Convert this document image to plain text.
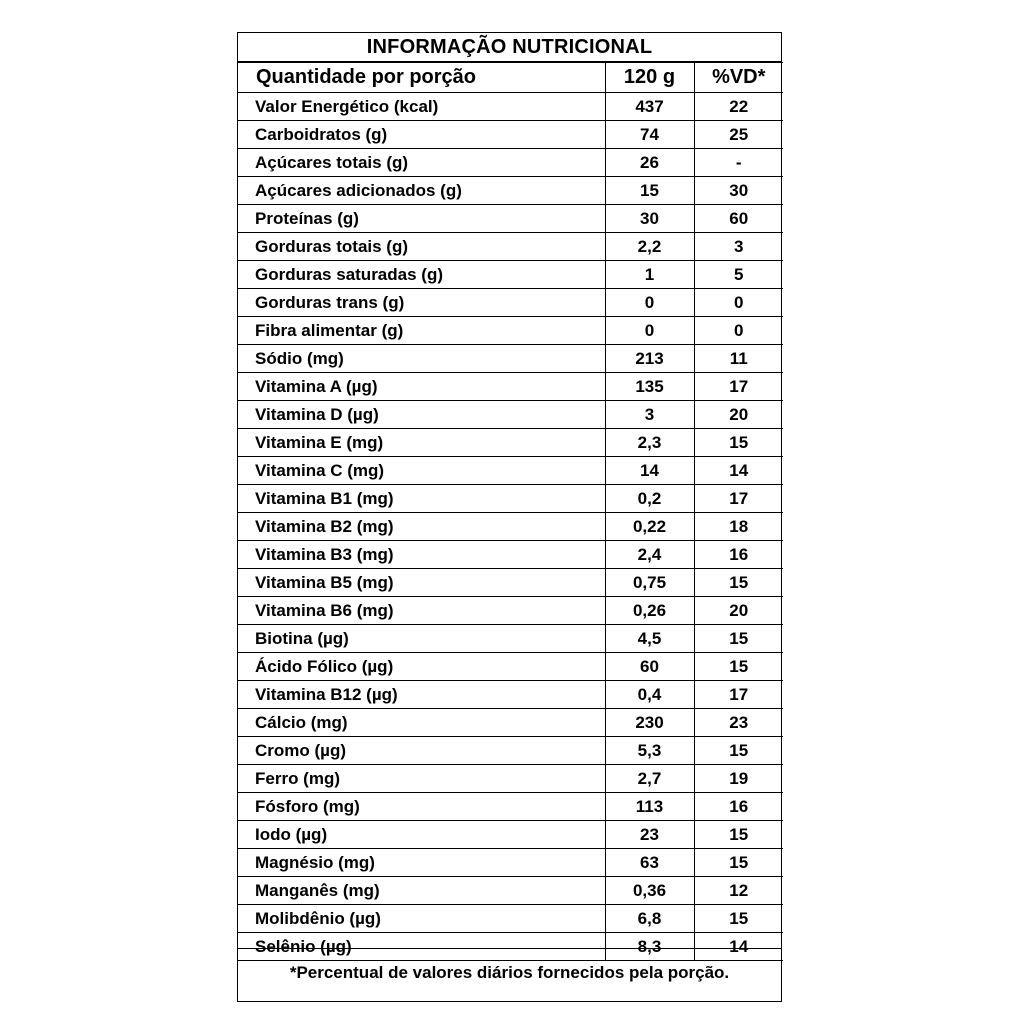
INFORMAÇÃO NUTRICIONAL
Quantidade por porção	120 g	%VD*
Valor Energético (kcal)	437	22
Carboidratos (g)	74	25
Açúcares totais (g)	26	-
Açúcares adicionados (g)	15	30
Proteínas (g)	30	60
Gorduras totais (g)	2,2	3
Gorduras saturadas (g)	1	5
Gorduras trans (g)	0	0
Fibra alimentar (g)	0	0
Sódio (mg)	213	11
Vitamina A (µg)	135	17
Vitamina D (µg)	3	20
Vitamina E (mg)	2,3	15
Vitamina C (mg)	14	14
Vitamina B1 (mg)	0,2	17
Vitamina B2 (mg)	0,22	18
Vitamina B3 (mg)	2,4	16
Vitamina B5 (mg)	0,75	15
Vitamina B6 (mg)	0,26	20
Biotina (µg)	4,5	15
Ácido Fólico (µg)	60	15
Vitamina B12 (µg)	0,4	17
Cálcio (mg)	230	23
Cromo (µg)	5,3	15
Ferro (mg)	2,7	19
Fósforo (mg)	113	16
Iodo (µg)	23	15
Magnésio (mg)	63	15
Manganês (mg)	0,36	12
Molibdênio (µg)	6,8	15
Selênio (µg)	8,3	14
*Percentual de valores diários fornecidos pela porção.
